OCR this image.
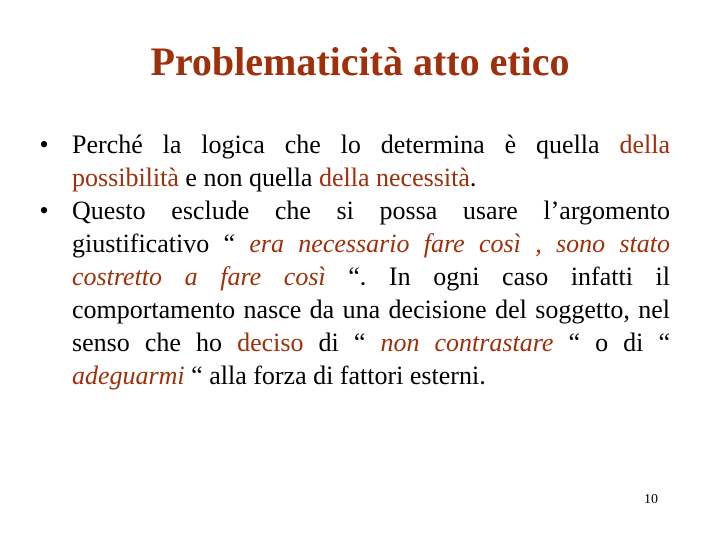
Problematicità atto etico
• Perché la logica che lo determina è quella della possibilità e non quella della necessità.
• Questo esclude che si possa usare l’argomento giustificativo “ era necessario fare così , sono stato costretto a fare così “. In ogni caso infatti il comportamento nasce da una decisione del soggetto, nel senso che ho deciso di “ non contrastare “ o di “ adeguarmi “ alla forza di fattori esterni.
10
